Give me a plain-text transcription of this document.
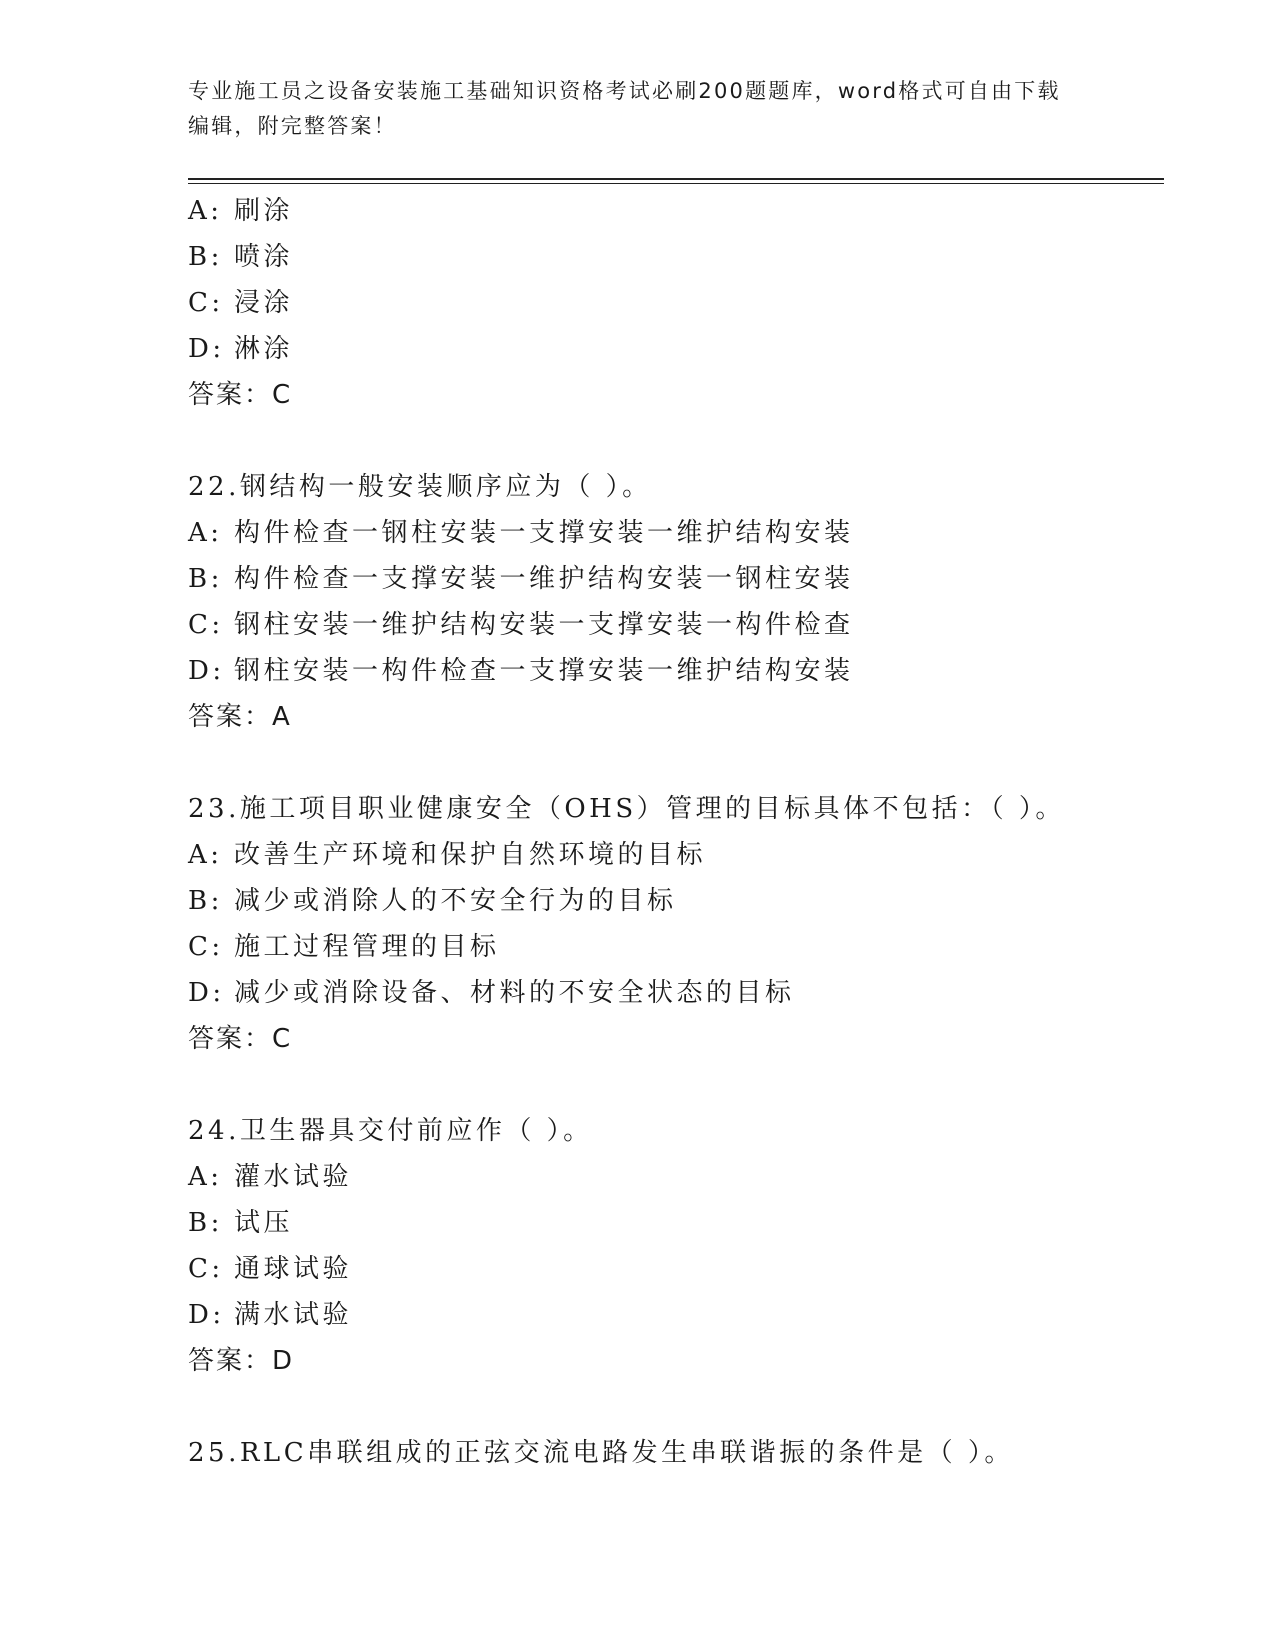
专业施工员之设备安装施工基础知识资格考试必刷200题题库，word格式可自由下载编辑，附完整答案！
A: 刷涂
B: 喷涂
C: 浸涂
D: 淋涂
答案：C
22.钢结构一般安装顺序应为（ ）。
A: 构件检查一钢柱安装一支撑安装一维护结构安装
B: 构件检查一支撑安装一维护结构安装一钢柱安装
C: 钢柱安装一维护结构安装一支撑安装一构件检查
D: 钢柱安装一构件检查一支撑安装一维护结构安装
答案：A
23.施工项目职业健康安全（OHS）管理的目标具体不包括：（ ）。
A: 改善生产环境和保护自然环境的目标
B: 减少或消除人的不安全行为的目标
C: 施工过程管理的目标
D: 减少或消除设备、材料的不安全状态的目标
答案：C
24.卫生器具交付前应作（ ）。
A: 灌水试验
B: 试压
C: 通球试验
D: 满水试验
答案：D
25.RLC串联组成的正弦交流电路发生串联谐振的条件是（ ）。
